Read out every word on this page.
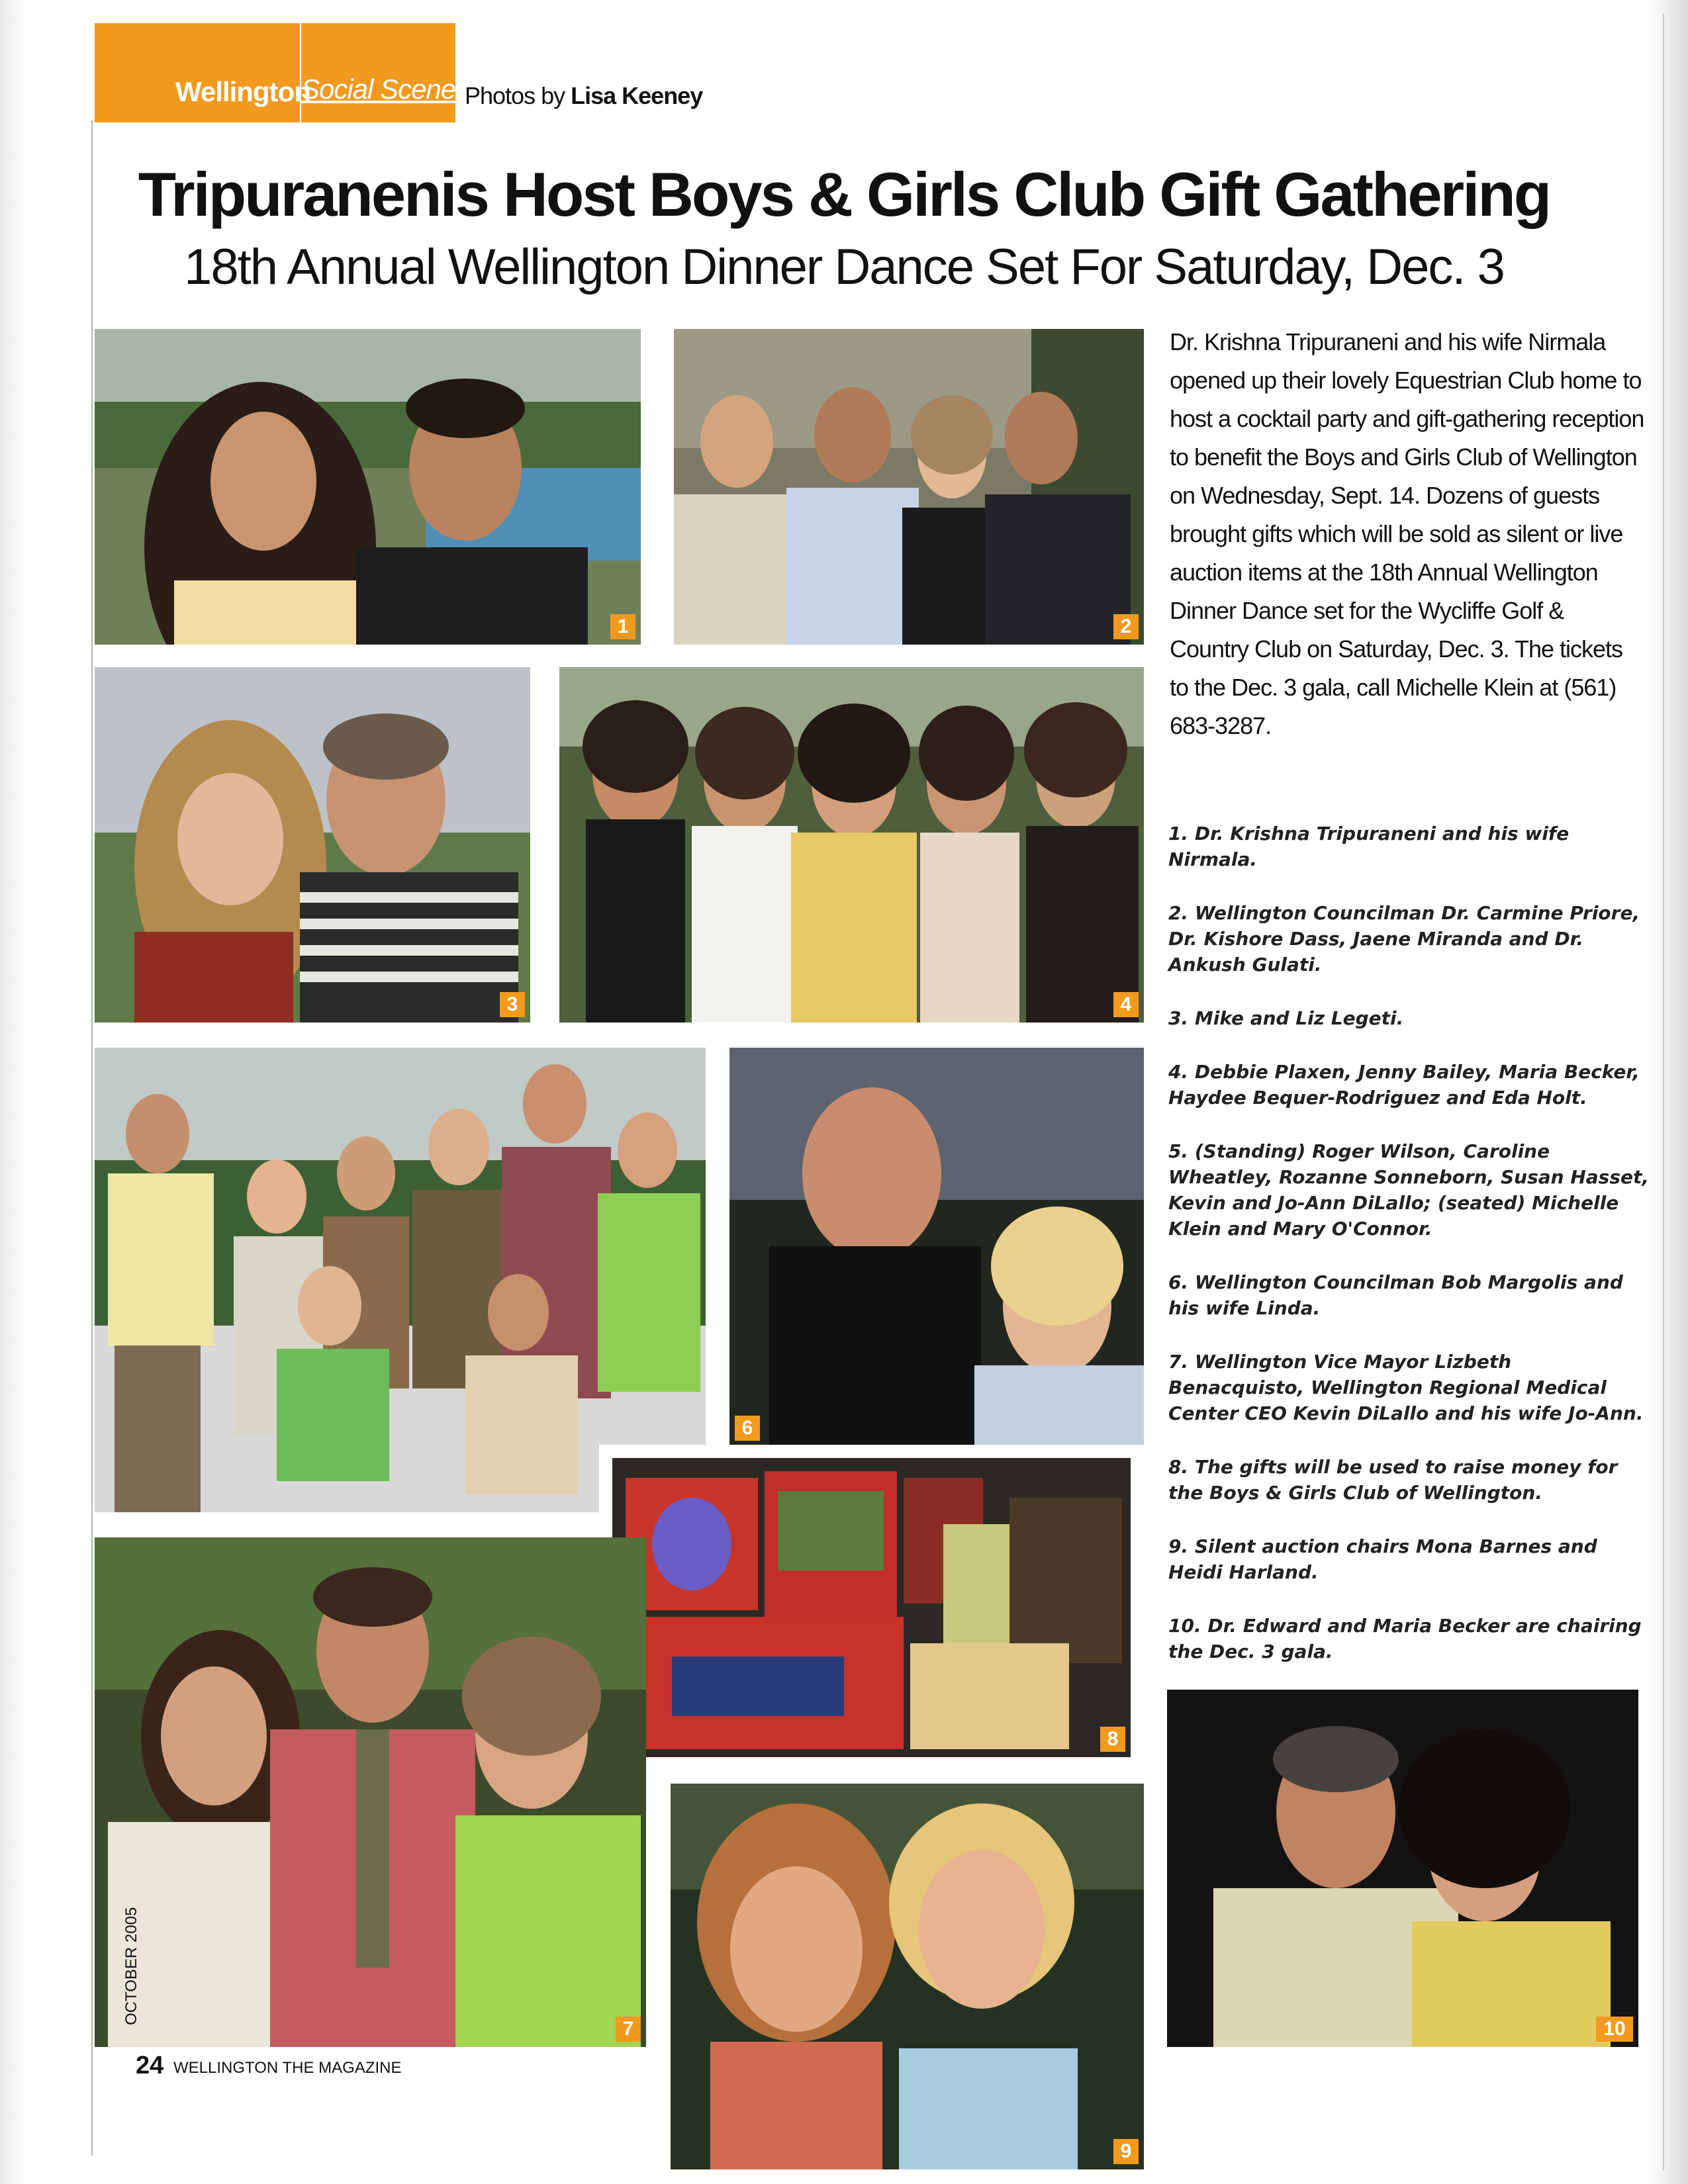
Wellington
Social Scene Photos by Lisa Keeney
Tripuranenis Host Boys & Girls Club Gift Gathering
18th Annual Wellington Dinner Dance Set For Saturday, Dec. 3
1	2
3	4
6
8
7
9
10
Dr. Krishna Tripuraneni and his wife Nirmala opened up their lovely Equestrian Club home to host a cocktail party and gift-gathering reception to benefit the Boys and Girls Club of Wellington on Wednesday, Sept. 14. Dozens of guests brought gifts which will be sold as silent or live auction items at the 18th Annual Wellington Dinner Dance set for the Wycliffe Golf & Country Club on Saturday, Dec. 3. The tickets to the Dec. 3 gala, call Michelle Klein at (561) 683-3287.
1. Dr. Krishna Tripuraneni and his wife Nirmala.
2. Wellington Councilman Dr. Carmine Priore, Dr. Kishore Dass, Jaene Miranda and Dr. Ankush Gulati.
3. Mike and Liz Legeti.
4. Debbie Plaxen, Jenny Bailey, Maria Becker, Haydee Bequer-Rodriguez and Eda Holt.
5. (Standing) Roger Wilson, Caroline Wheatley, Rozanne Sonneborn, Susan Hasset, Kevin and Jo-Ann DiLallo; (seated) Michelle Klein and Mary O'Connor.
6. Wellington Councilman Bob Margolis and his wife Linda.
7. Wellington Vice Mayor Lizbeth Benacquisto, Wellington Regional Medical Center CEO Kevin DiLallo and his wife Jo-Ann.
8. The gifts will be used to raise money for the Boys & Girls Club of Wellington.
9. Silent auction chairs Mona Barnes and Heidi Harland.
10. Dr. Edward and Maria Becker are chairing the Dec. 3 gala.
OCTOBER 2005
24 WELLINGTON THE MAGAZINE
